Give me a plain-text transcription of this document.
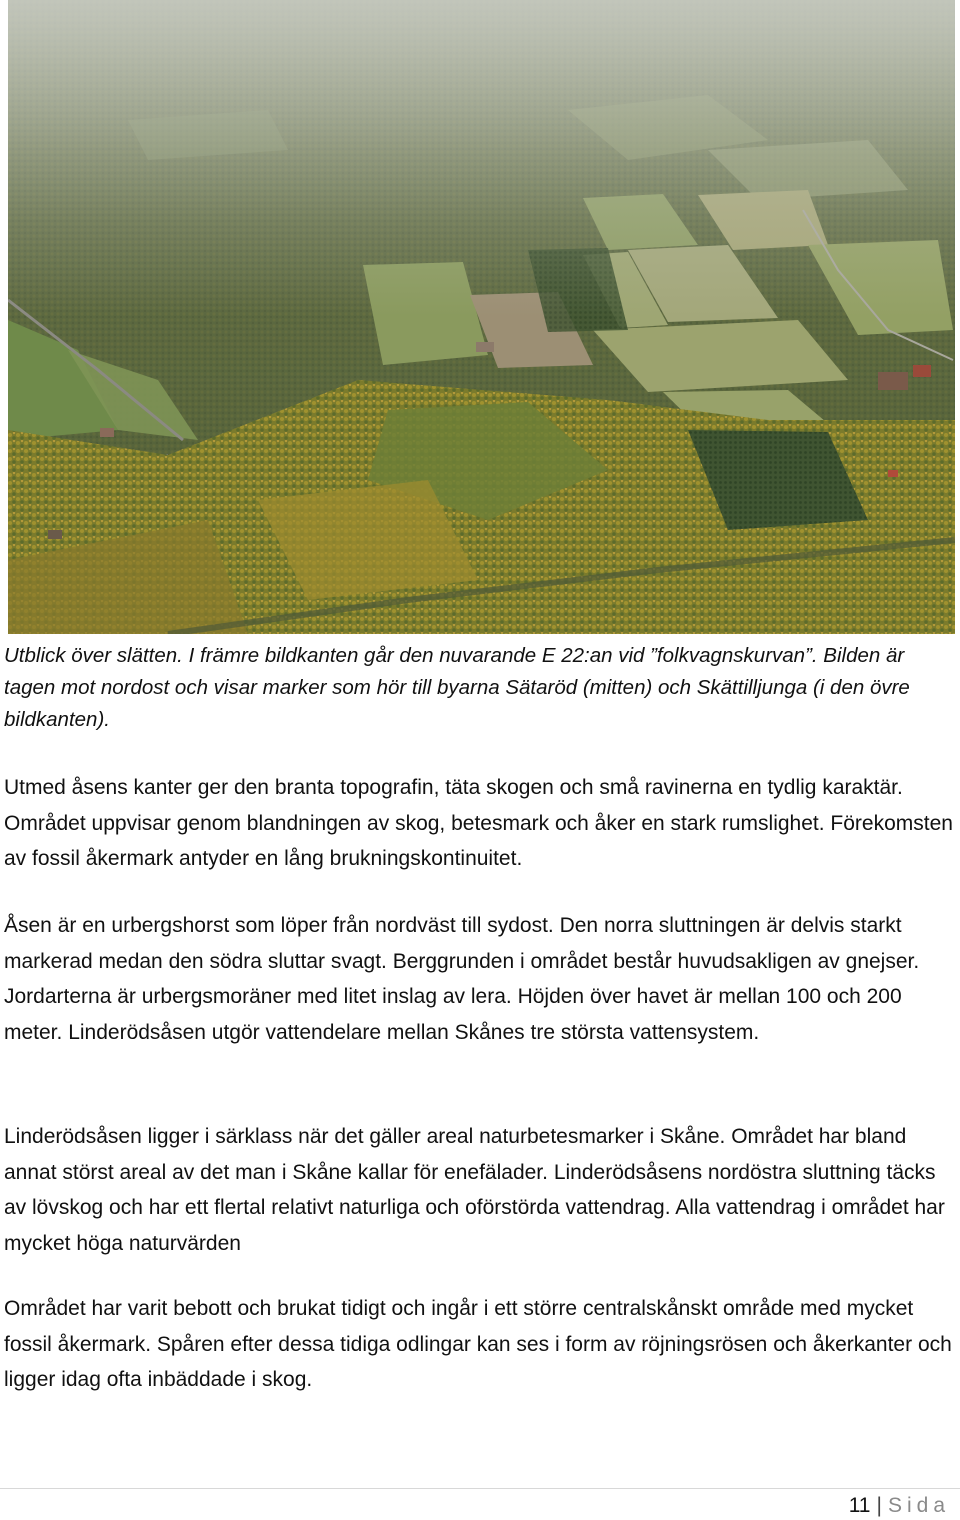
Utblick över slätten. I främre bildkanten går den nuvarande E 22:an vid ”folkvagnskurvan”. Bilden är tagen mot nordost och visar marker som hör till byarna Sätaröd (mitten) och Skättilljunga (i den övre bildkanten).

Utmed åsens kanter ger den branta topografin, täta skogen och små ravinerna en tydlig karaktär. Området uppvisar genom blandningen av skog, betesmark och åker en stark rumslighet. Förekomsten av fossil åkermark antyder en lång brukningskontinuitet.

Åsen är en urbergshorst som löper från nordväst till sydost. Den norra sluttningen är delvis starkt markerad medan den södra sluttar svagt. Berggrunden i området består huvudsakligen av gnejser. Jordarterna är urbergsmoräner med litet inslag av lera. Höjden över havet är mellan 100 och 200 meter. Linderödsåsen utgör vattendelare mellan Skånes tre största vattensystem.

Linderödsåsen ligger i särklass när det gäller areal naturbetesmarker i Skåne. Området har bland annat störst areal av det man i Skåne kallar för enefälader. Linderödsåsens nordöstra sluttning täcks av lövskog och har ett flertal relativt naturliga och oförstörda vattendrag. Alla vattendrag i området har mycket höga naturvärden

Området har varit bebott och brukat tidigt och ingår i ett större centralskånskt område med mycket fossil åkermark. Spåren efter dessa tidiga odlingar kan ses i form av röjningsrösen och åkerkanter och ligger idag ofta inbäddade i skog.

11 | Sida
